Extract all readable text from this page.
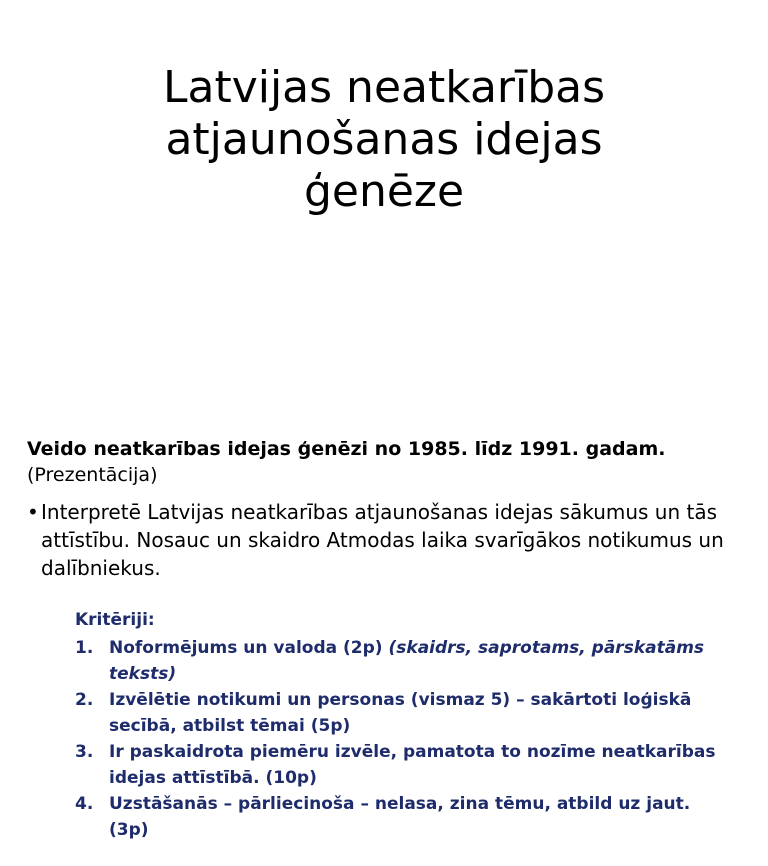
Latvijas neatkarības atjaunošanas idejas ģenēze

Veido neatkarības idejas ģenēzi no 1985. līdz 1991. gadam.

(Prezentācija)

• Interpretē Latvijas neatkarības atjaunošanas idejas sākumus un tās attīstību. Nosauc un skaidro Atmodas laika svarīgākos notikumus un dalībniekus.

Kritēriji:

1. Noformējums un valoda (2p) (skaidrs, saprotams, pārskatāms teksts)
2. Izvēlētie notikumi un personas (vismaz 5) – sakārtoti loģiskā secībā, atbilst tēmai (5p)
3. Ir paskaidrota piemēru izvēle, pamatota to nozīme neatkarības idejas attīstībā. (10p)
4. Uzstāšanās – pārliecinoša – nelasa, zina tēmu, atbild uz jaut. (3p)
